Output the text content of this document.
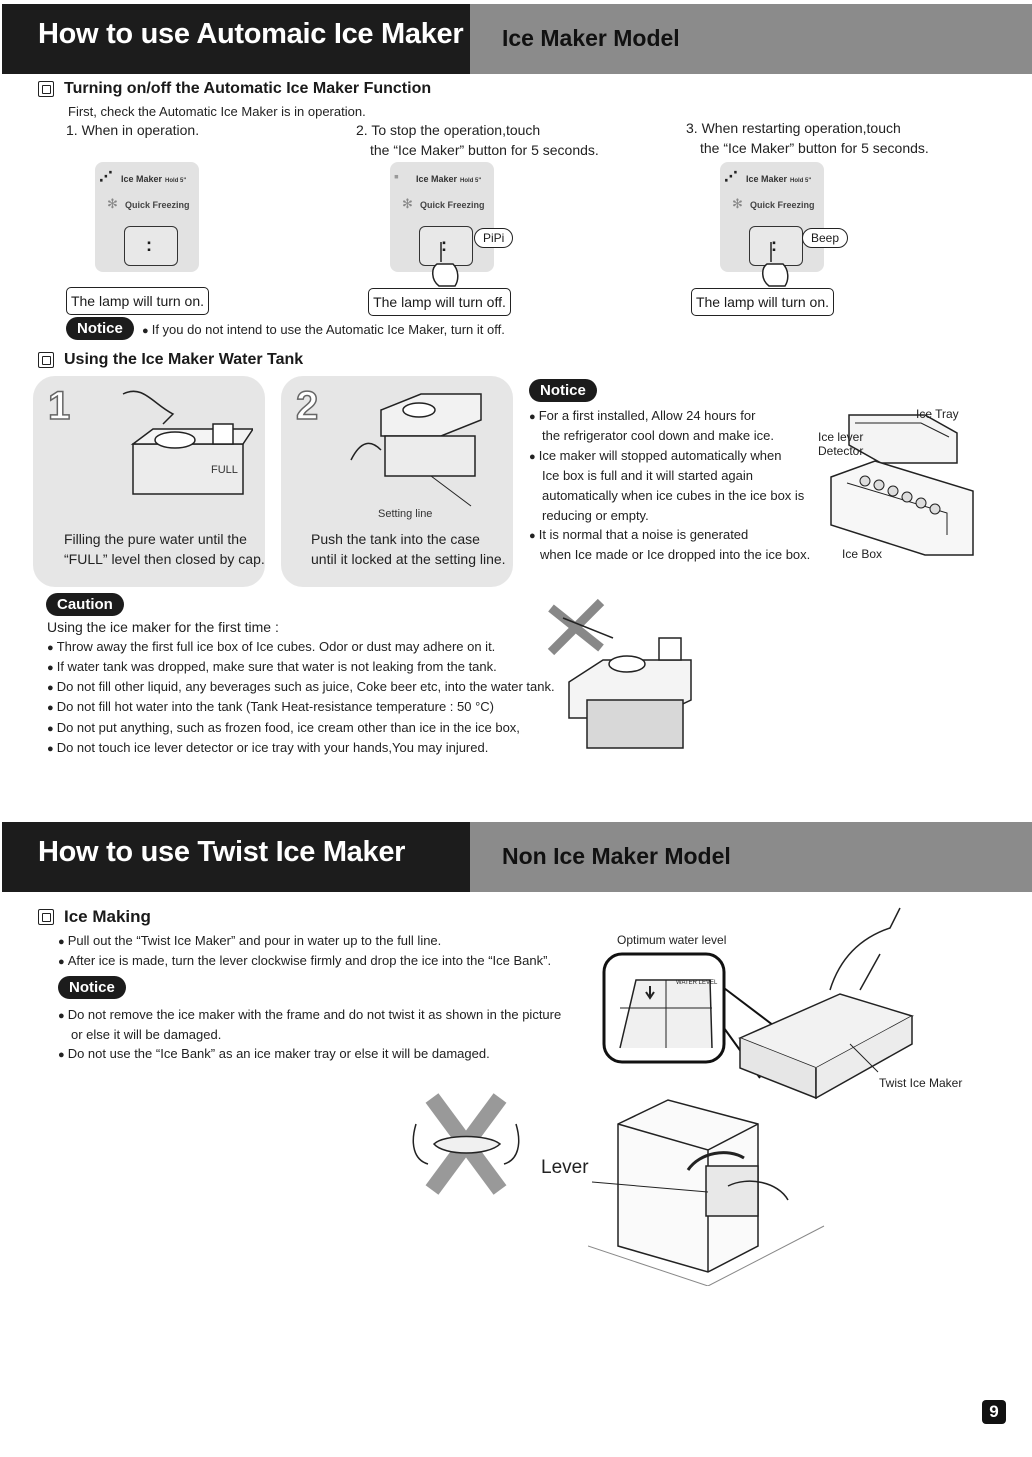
How to use Automaic Ice Maker Ice Maker Model
Turning on/off the Automatic Ice Maker Function
First, check the Automatic Ice Maker is in operation.
1. When in operation.	2. To stop the operation,touch
the “Ice Maker” button for 5 seconds.
3. When restarting operation,touch
the “Ice Maker” button for 5 seconds.
⋰ Ice Maker Hold 5"
✻ Quick Freezing
:
▪ Ice Maker Hold 5"
✻ Quick Freezing
:
PiPi
⋰ Ice Maker Hold 5"
✻ Quick Freezing
:
Beep
The lamp will turn on.	The lamp will turn off.	The lamp will turn on.
Notice
●	If you do not intend to use the Automatic Ice Maker, turn it off.
Using the Ice Maker Water Tank
1
FULL
Filling the pure water until the
“FULL” level then closed by cap.
2
Setting line
Push the tank into the case
until it locked at the setting line.
Notice
● For a first installed, Allow 24 hours for
the refrigerator cool down and make ice.
● Ice maker will stopped automatically when
Ice box is full and it will started again
automatically when ice cubes in the ice box is
reducing or empty.
● It is normal that a noise is generated
when Ice made or Ice dropped into the ice box.
Ice Tray
Ice lever
Detector
Ice Box
Caution
Using the ice maker for the first time :
● Throw away the first full ice box of Ice cubes. Odor or dust may adhere on it.
● If water tank was dropped, make sure that water is not leaking from the tank.
● Do not fill other liquid, any beverages such as juice, Coke beer etc, into the water tank.
● Do not fill hot water into the tank (Tank Heat-resistance temperature : 50 °C)
● Do not put anything, such as frozen food, ice cream other than ice in the ice box,
● Do not touch ice lever detector or ice tray with your hands,You may injured.
How to use Twist Ice Maker	Non Ice Maker Model
Ice Making
● Pull out the “Twist Ice Maker” and pour in water up to the full line.
● After ice is made, turn the lever clockwise firmly and drop the ice into the “Ice Bank”.
Notice
● Do not remove the ice maker with the frame and do not twist it as shown in the picture
or else it will be damaged.
● Do not use the “Ice Bank” as an ice maker tray or else it will be damaged.
Optimum water level
WATER LEVEL
Twist Ice Maker
Lever
9
